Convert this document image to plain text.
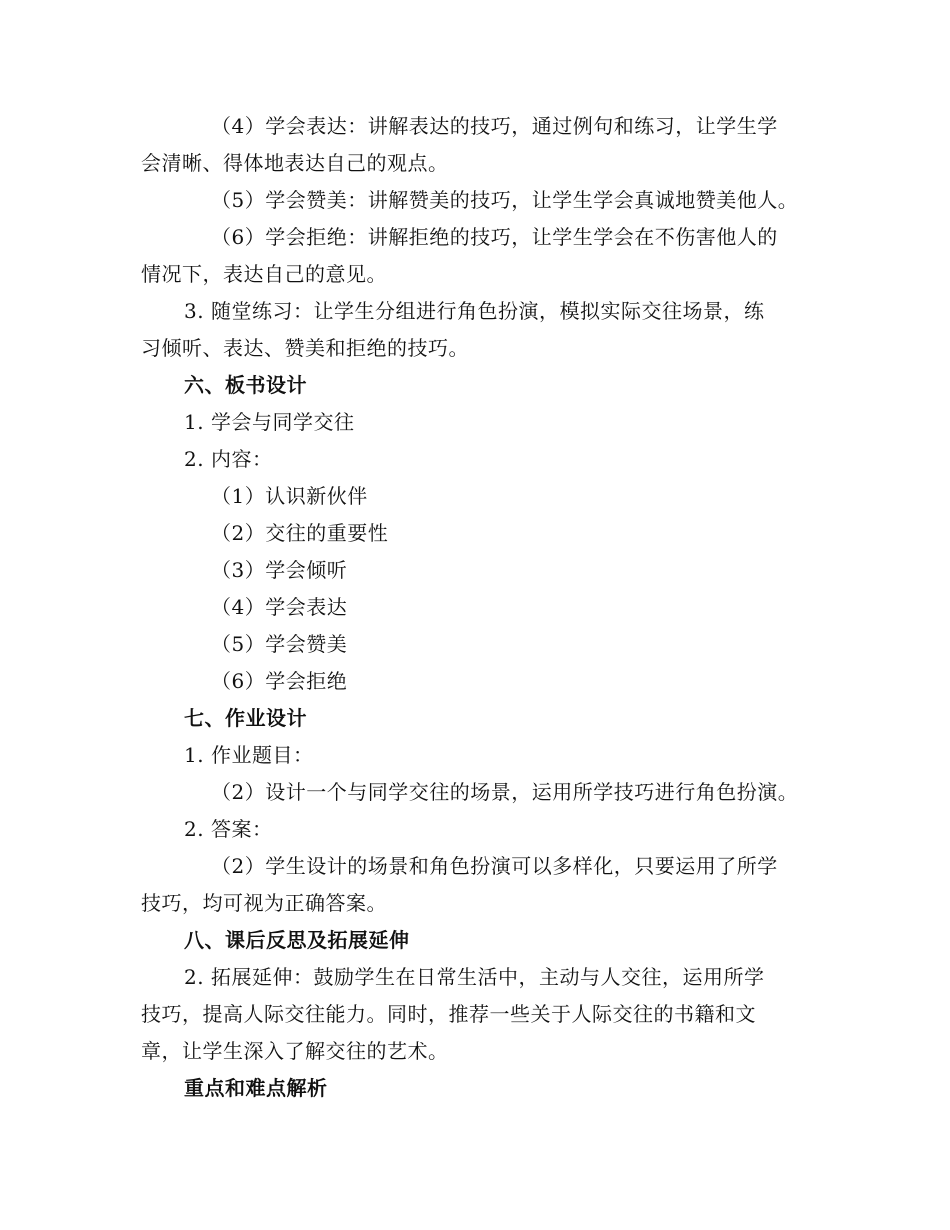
（4）学会表达：讲解表达的技巧，通过例句和练习，让学生学
会清晰、得体地表达自己的观点。
（5）学会赞美：讲解赞美的技巧，让学生学会真诚地赞美他人。
（6）学会拒绝：讲解拒绝的技巧，让学生学会在不伤害他人的
情况下，表达自己的意见。
3. 随堂练习：让学生分组进行角色扮演，模拟实际交往场景，练
习倾听、表达、赞美和拒绝的技巧。
六、板书设计
1. 学会与同学交往
2. 内容：
（1）认识新伙伴
（2）交往的重要性
（3）学会倾听
（4）学会表达
（5）学会赞美
（6）学会拒绝
七、作业设计
1. 作业题目：
（2）设计一个与同学交往的场景，运用所学技巧进行角色扮演。
2. 答案：
（2）学生设计的场景和角色扮演可以多样化，只要运用了所学
技巧，均可视为正确答案。
八、课后反思及拓展延伸
2. 拓展延伸：鼓励学生在日常生活中，主动与人交往，运用所学
技巧，提高人际交往能力。同时，推荐一些关于人际交往的书籍和文
章，让学生深入了解交往的艺术。
重点和难点解析
